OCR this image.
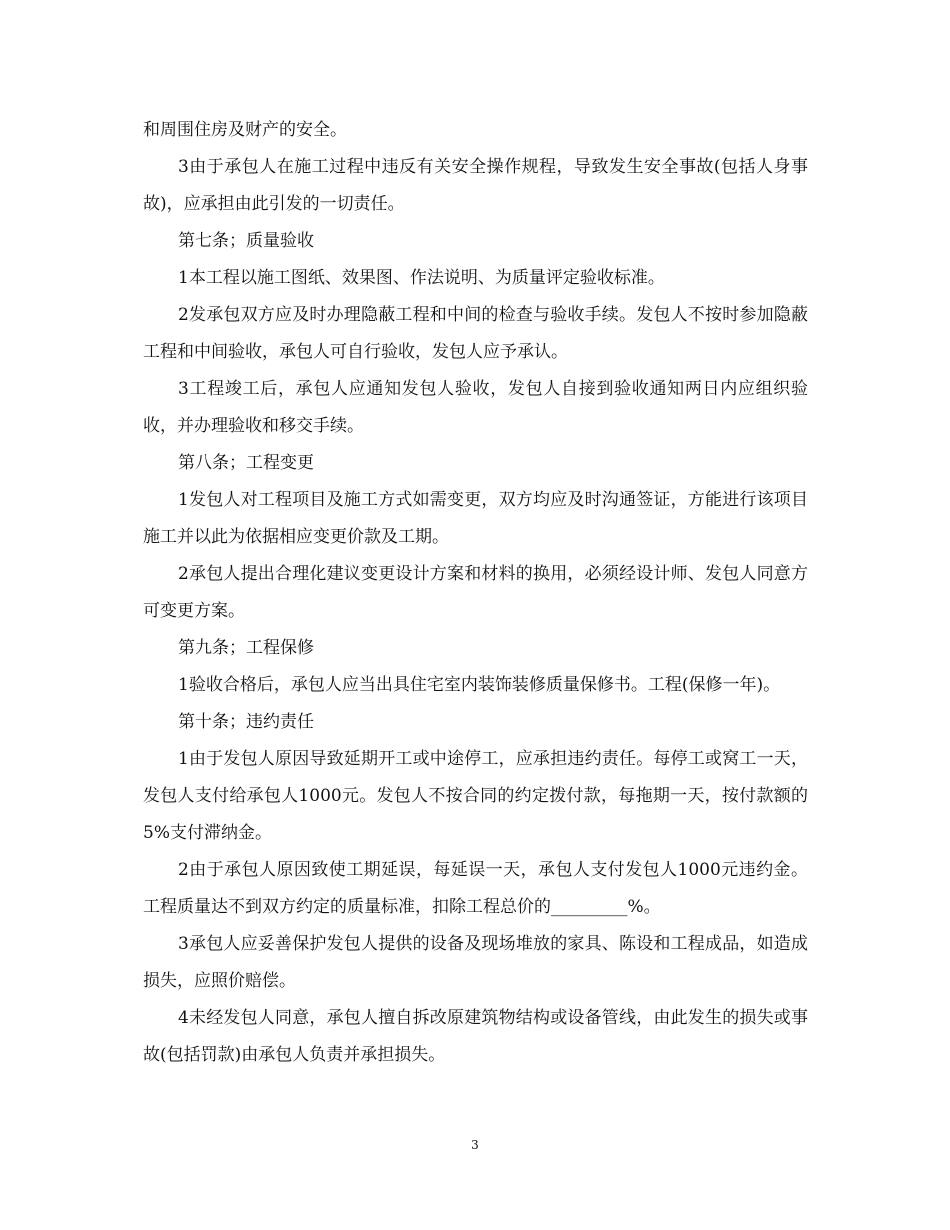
和周围住房及财产的安全。

3由于承包人在施工过程中违反有关安全操作规程，导致发生安全事故(包括人身事故)，应承担由此引发的一切责任。

第七条；质量验收

1本工程以施工图纸、效果图、作法说明、为质量评定验收标准。

2发承包双方应及时办理隐蔽工程和中间的检查与验收手续。发包人不按时参加隐蔽工程和中间验收，承包人可自行验收，发包人应予承认。

3工程竣工后，承包人应通知发包人验收，发包人自接到验收通知两日内应组织验收，并办理验收和移交手续。

第八条；工程变更

1发包人对工程项目及施工方式如需变更，双方均应及时沟通签证，方能进行该项目施工并以此为依据相应变更价款及工期。

2承包人提出合理化建议变更设计方案和材料的换用，必须经设计师、发包人同意方可变更方案。

第九条；工程保修

1验收合格后，承包人应当出具住宅室内装饰装修质量保修书。工程(保修一年)。

第十条；违约责任

1由于发包人原因导致延期开工或中途停工，应承担违约责任。每停工或窝工一天，发包人支付给承包人1000元。发包人不按合同的约定拨付款，每拖期一天，按付款额的5%支付滞纳金。

2由于承包人原因致使工期延误，每延误一天，承包人支付发包人1000元违约金。工程质量达不到双方约定的质量标准，扣除工程总价的_________%。

3承包人应妥善保护发包人提供的设备及现场堆放的家具、陈设和工程成品，如造成损失，应照价赔偿。

4未经发包人同意，承包人擅自拆改原建筑物结构或设备管线，由此发生的损失或事故(包括罚款)由承包人负责并承担损失。

3
